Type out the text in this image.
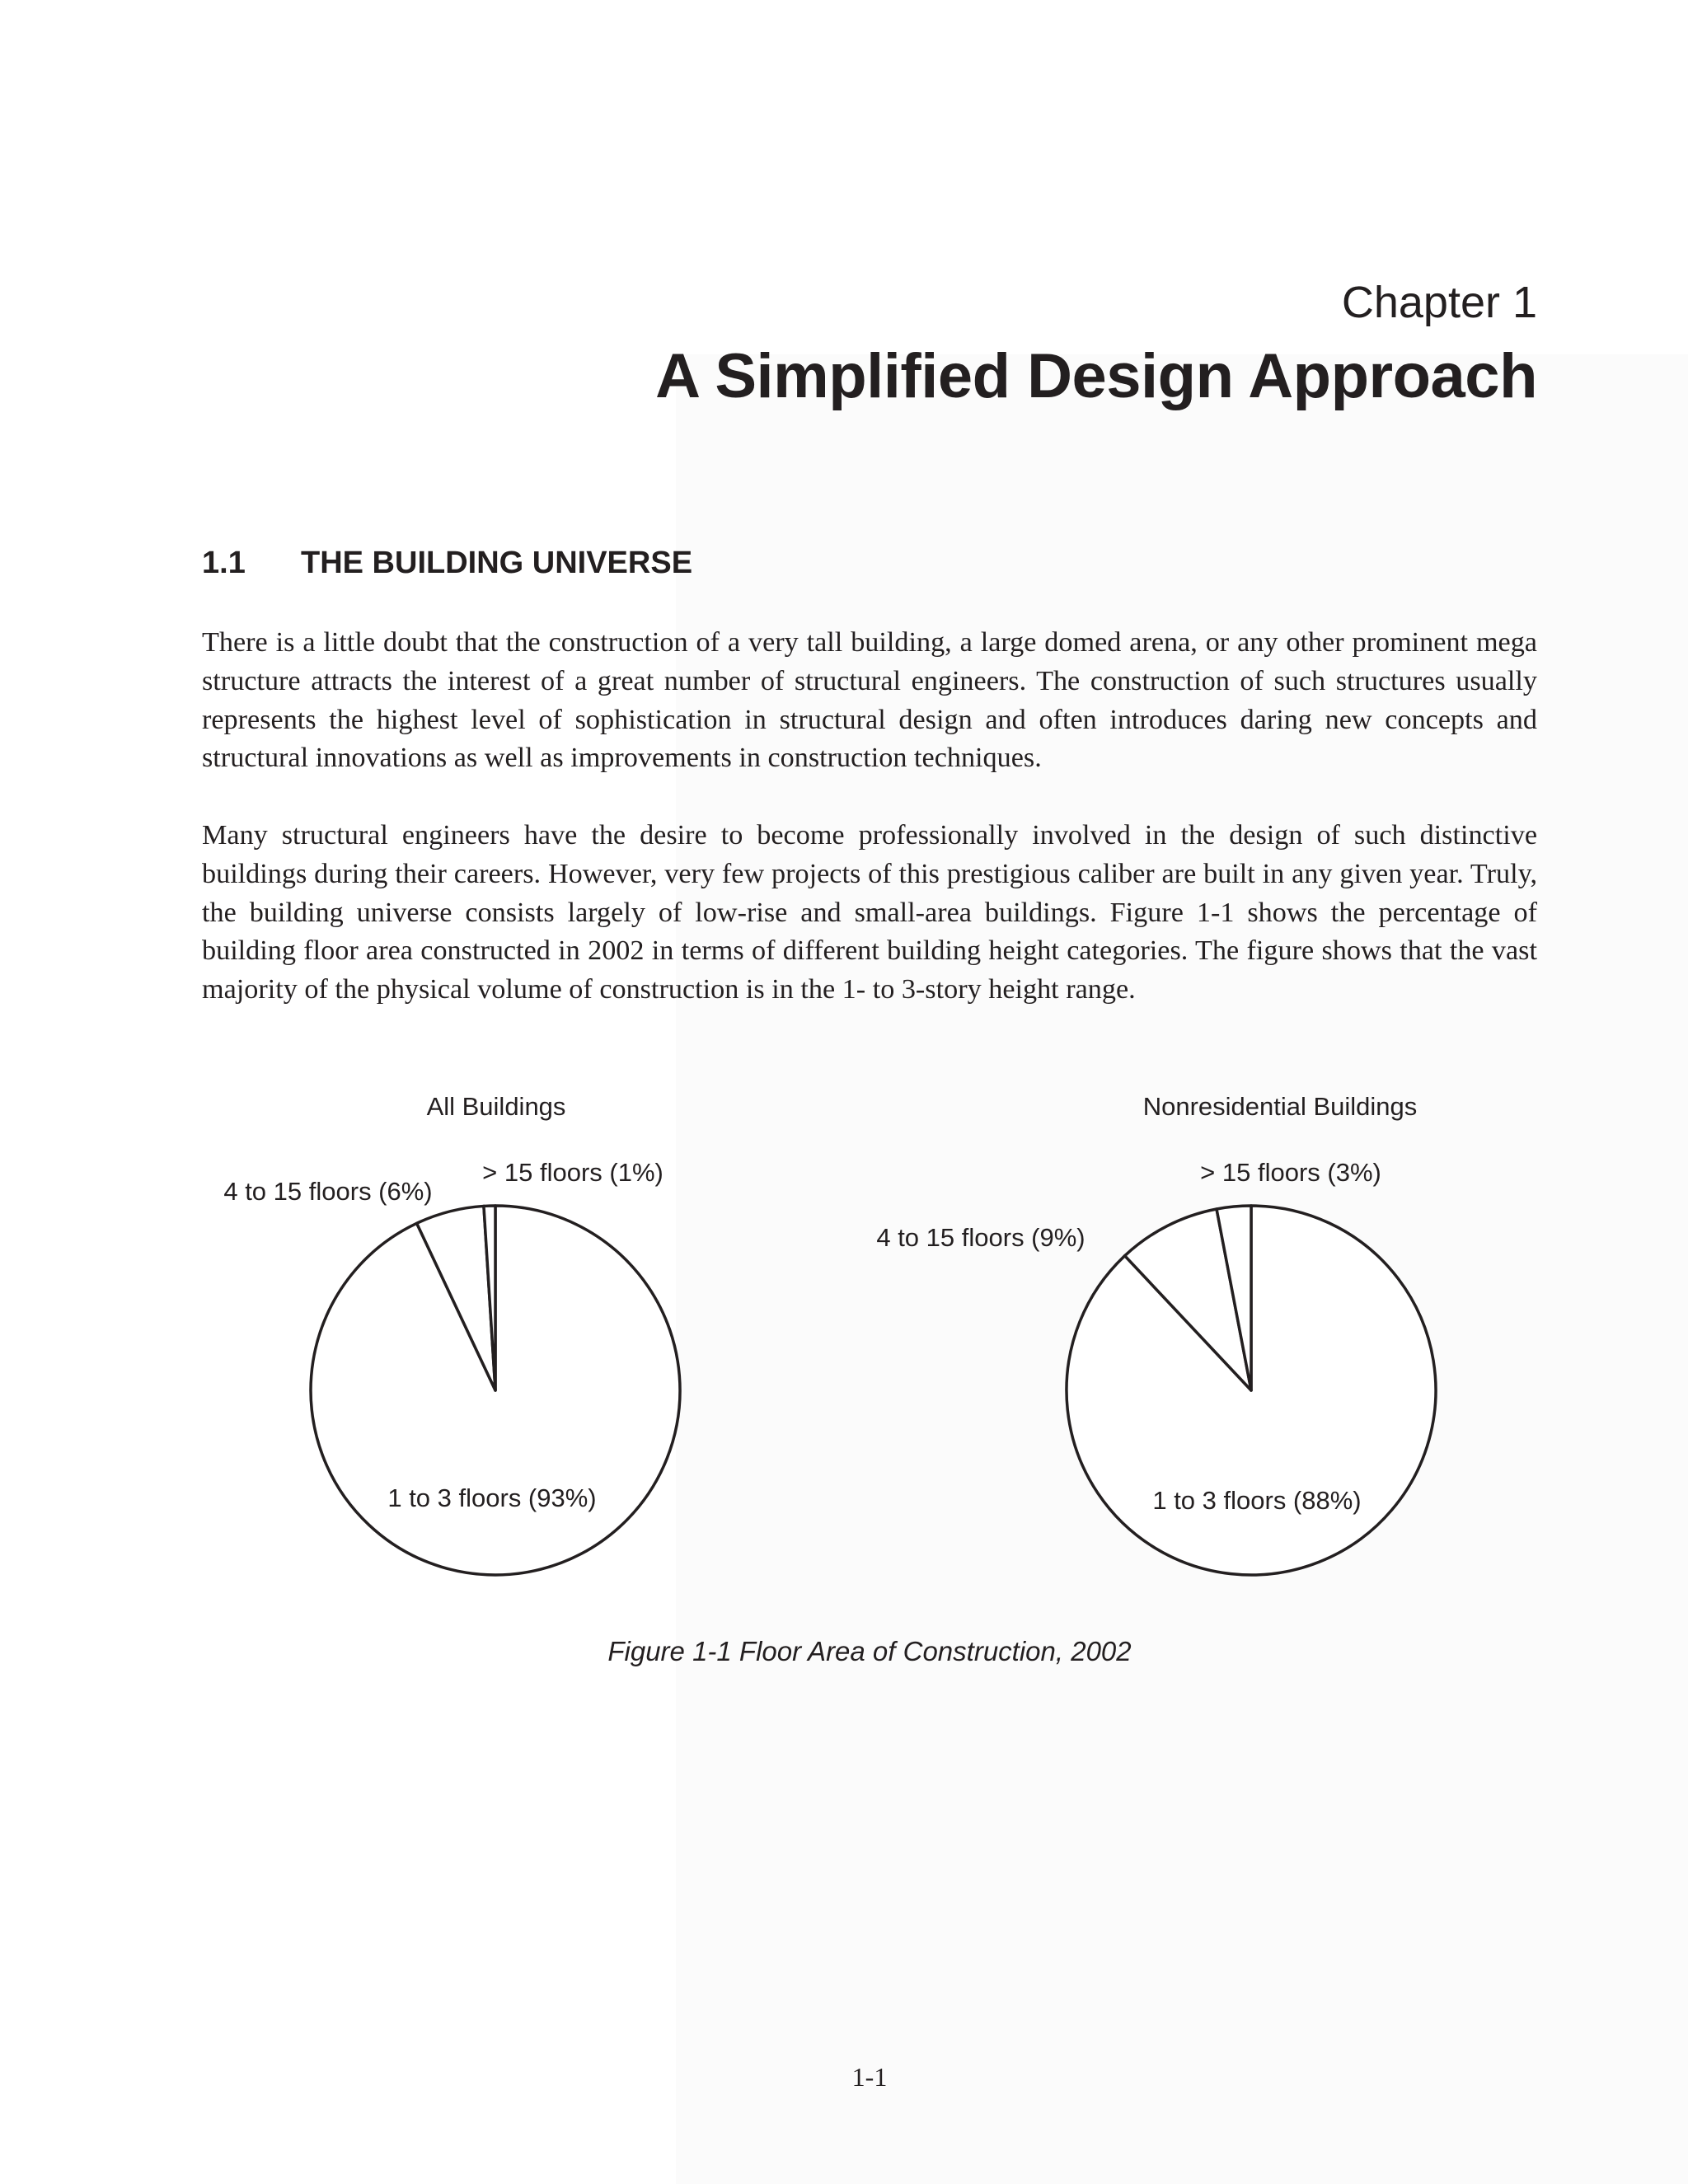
Chapter 1
A Simplified Design Approach
1.1 THE BUILDING UNIVERSE
There is a little doubt that the construction of a very tall building, a large domed arena, or any other prominent mega structure attracts the interest of a great number of structural engineers. The construction of such structures usually represents the highest level of sophistication in structural design and often introduces daring new concepts and structural innovations as well as improvements in construction techniques.
Many structural engineers have the desire to become professionally involved in the design of such distinctive buildings during their careers. However, very few projects of this prestigious caliber are built in any given year. Truly, the building universe consists largely of low-rise and small-area buildings. Figure 1-1 shows the percentage of building floor area constructed in 2002 in terms of different building height categories. The figure shows that the vast majority of the physical volume of construction is in the 1- to 3-story height range.
All Buildings
1 to 3 floors (93%)
4 to 15 floors (6%)
> 15 floors (1%)
Nonresidential Buildings
1 to 3 floors (88%)
4 to 15 floors (9%)
> 15 floors (3%)
Figure 1-1 Floor Area of Construction, 2002
1-1
